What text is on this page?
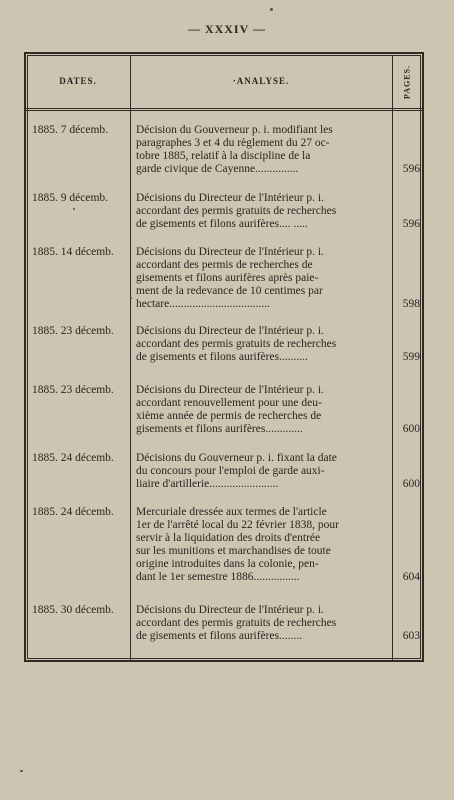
— XXXIV —
DATES.	·ANALYSE.	PAGES.
1885. 7 décemb.	Décision du Gouverneur p. i. modifiant les
paragraphes 3 et 4 du règlement du 27 oc-
tobre 1885, relatif à la discipline de la
garde civique de Cayenne...............	596
1885. 9 décemb.	Décisions du Directeur de l'Intérieur p. i.
accordant des permis gratuits de recherches
de gisements et filons aurifères.... .....	596
1885. 14 décemb.	Décisions du Directeur de l'Intérieur p. i.
accordant des permis de recherches de
gisements et filons aurifères après paie-
ment de la redevance de 10 centimes par
hectare...................................	598
1885. 23 décemb.	Décisions du Directeur de l'Intérieur p. i.
accordant des permis gratuits de recherches
de gisements et filons aurifères..........	599
1885. 23 décemb.	Décisions du Directeur de l'Intérieur p. i.
accordant renouvellement pour une deu-
xième année de permis de recherches de
gisements et filons aurifères.............	600
1885. 24 décemb.	Décisions du Gouverneur p. i. fixant la date
du concours pour l'emploi de garde auxi-
liaire d'artillerie........................	600
1885. 24 décemb.	Mercuriale dressée aux termes de l'article
1er de l'arrêté local du 22 février 1838, pour
servir à la liquidation des droits d'entrée
sur les munitions et marchandises de toute
origine introduites dans la colonie, pen-
dant le 1er semestre 1886................	604
1885. 30 décemb.	Décisions du Directeur de l'Intérieur p. i.
accordant des permis gratuits de recherches
de gisements et filons aurifères........	603
